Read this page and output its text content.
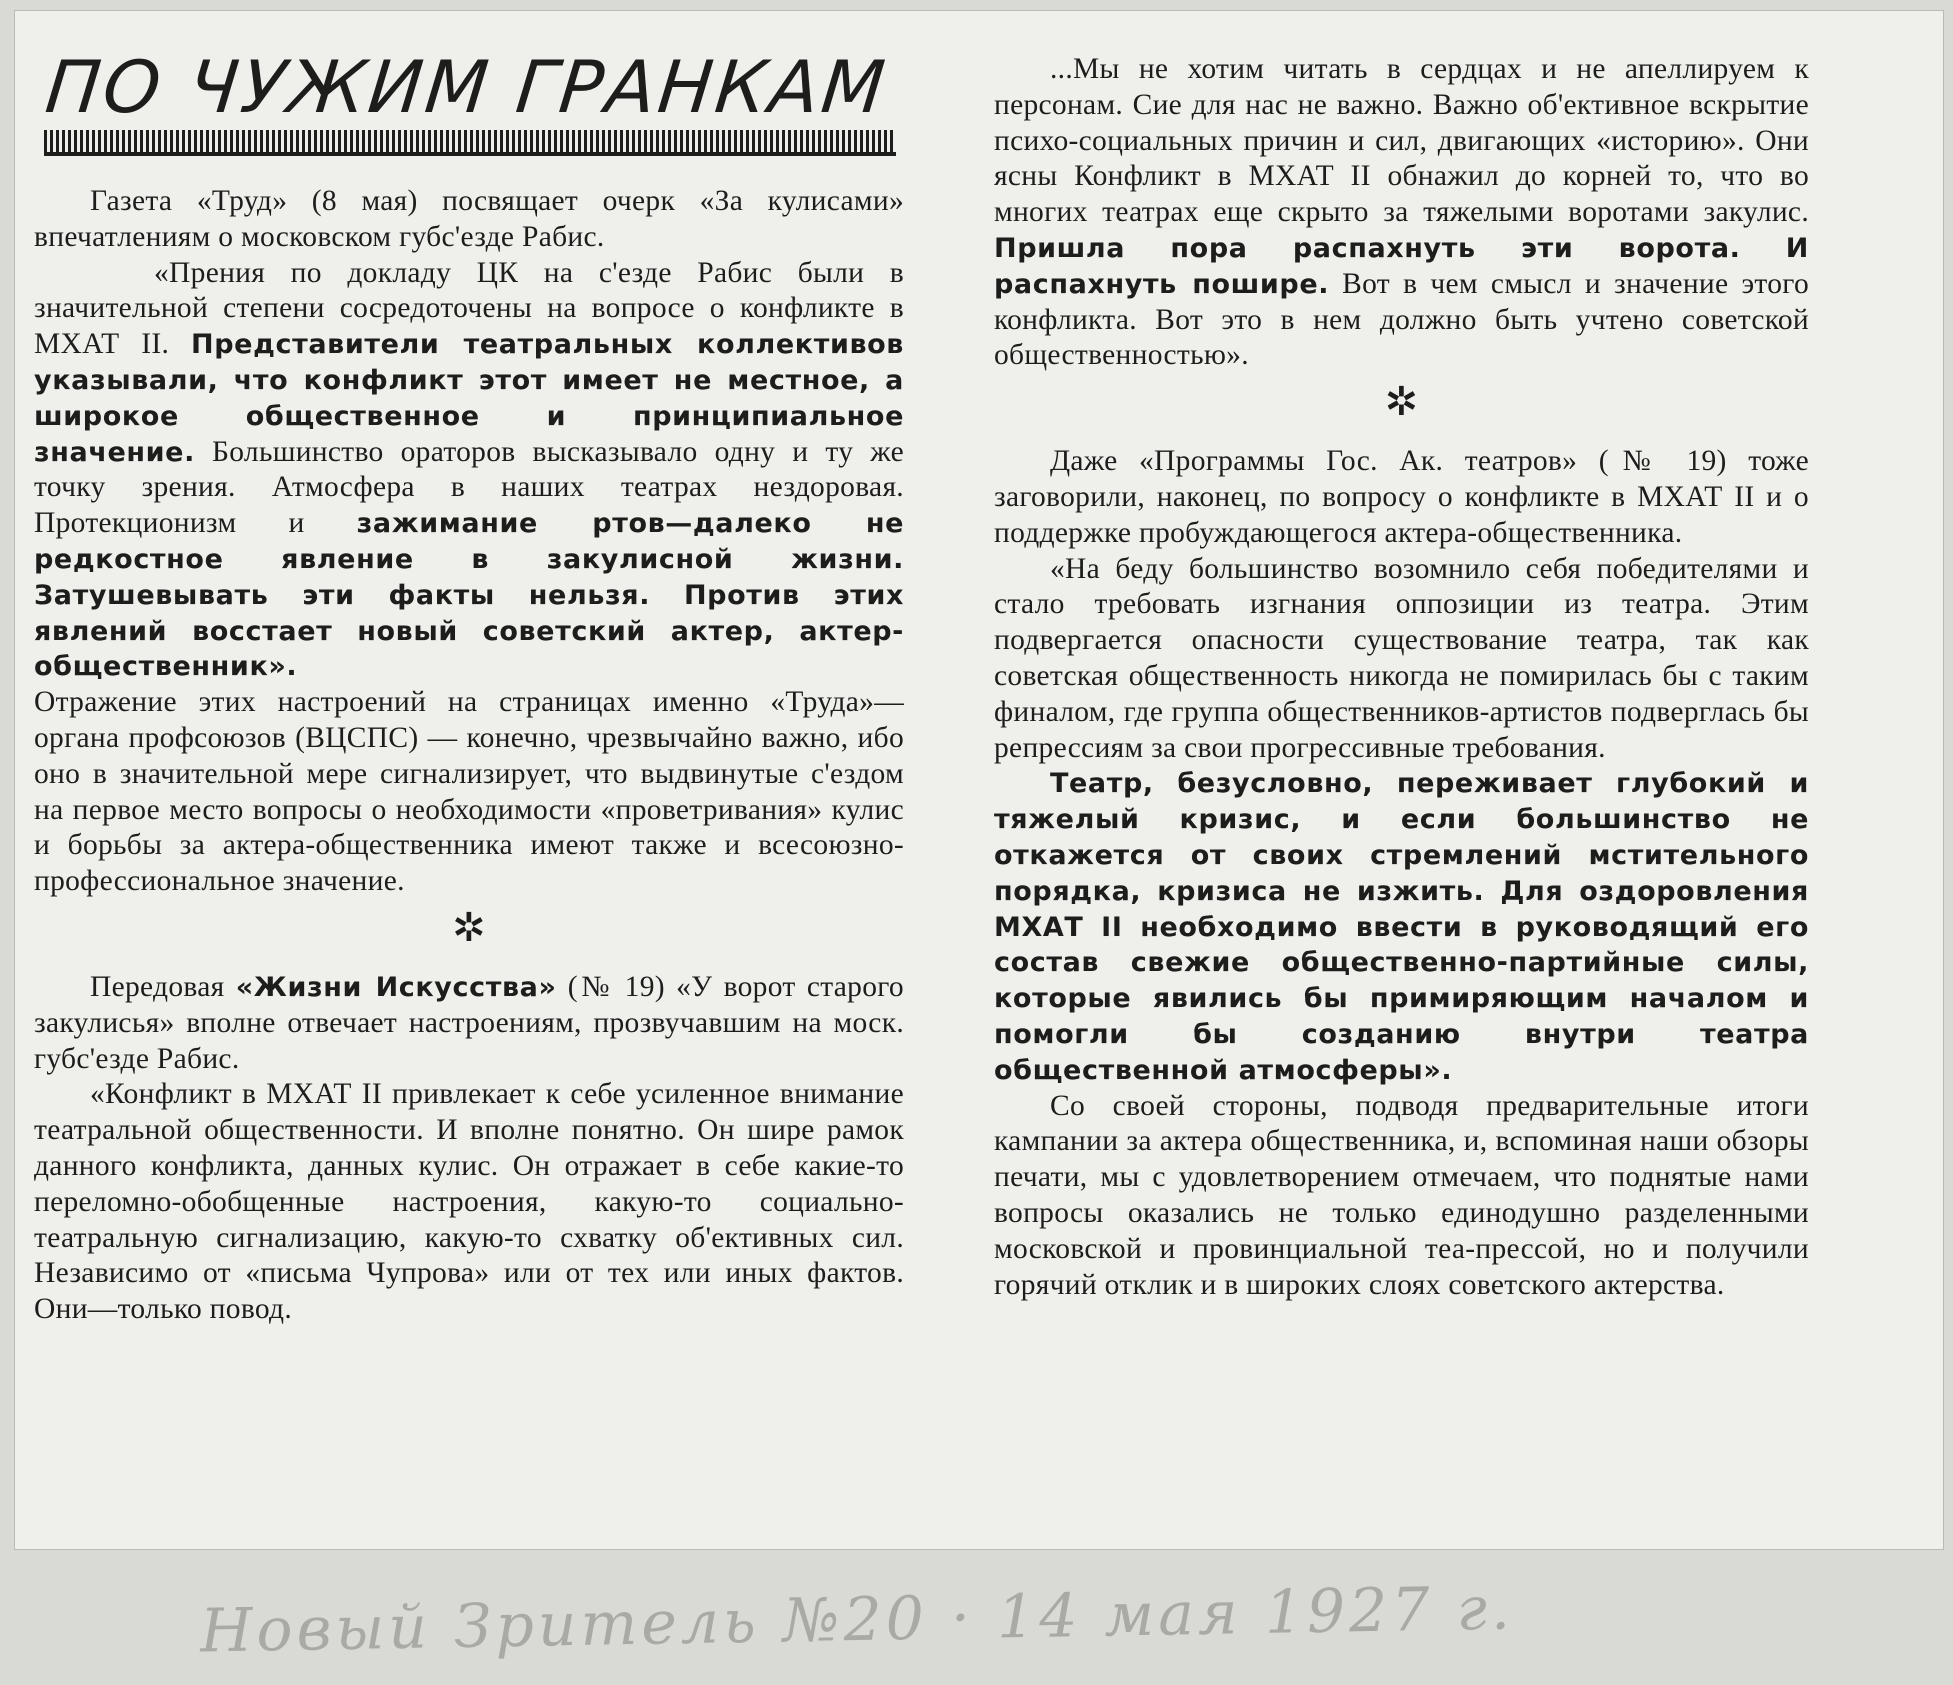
ПО ЧУЖИМ ГРАНКАМ

Газета «Труд» (8 мая) посвящает очерк «За кулисами» впечатлениям о московском губс'езде Рабис.

«Прения по докладу ЦК на с'езде Рабис были в значительной степени сосредоточены на вопросе о конфликте в МХАТ II. Представители театральных коллективов указывали, что конфликт этот имеет не местное, а широкое общественное и принципиальное значение. Большинство ораторов высказывало одну и ту же точку зрения. Атмосфера в наших театрах нездоровая. Протекционизм и зажимание ртов—далеко не редкостное явление в закулисной жизни. Затушевывать эти факты нельзя. Против этих явлений восстает новый советский актер, актер-общественник».

Отражение этих настроений на страницах именно «Труда»—органа профсоюзов (ВЦСПС) — конечно, чрезвычайно важно, ибо оно в значительной мере сигнализирует, что выдвинутые с'ездом на первое место вопросы о необходимости «проветривания» кулис и борьбы за актера-общественника имеют также и всесоюзно-профессиональное значение.

✲

Передовая «Жизни Искусства» (№ 19) «У ворот старого закулисья» вполне отвечает настроениям, прозвучавшим на моск. губс'езде Рабис.

«Конфликт в МХАТ II привлекает к себе усиленное внимание театральной общественности. И вполне понятно. Он шире рамок данного конфликта, данных кулис. Он отражает в себе какие-то переломно-обобщенные настроения, какую-то социально-театральную сигнализацию, какую-то схватку об'ективных сил. Независимо от «письма Чупрова» или от тех или иных фактов. Они—только повод.

...Мы не хотим читать в сердцах и не апеллируем к персонам. Сие для нас не важно. Важно об'ективное вскрытие психо-социальных причин и сил, двигающих «историю». Они ясны Конфликт в МХАТ II обнажил до корней то, что во многих театрах еще скрыто за тяжелыми воротами закулис. Пришла пора распахнуть эти ворота. И распахнуть пошире. Вот в чем смысл и значение этого конфликта. Вот это в нем должно быть учтено советской общественностью».

✲

Даже «Программы Гос. Ак. театров» (№ 19) тоже заговорили, наконец, по вопросу о конфликте в МХАТ II и о поддержке пробуждающегося актера-общественника.

«На беду большинство возомнило себя победителями и стало требовать изгнания оппозиции из театра. Этим подвергается опасности существование театра, так как советская общественность никогда не помирилась бы с таким финалом, где группа общественников-артистов подверглась бы репрессиям за свои прогрессивные требования.

Театр, безусловно, переживает глубокий и тяжелый кризис, и если большинство не откажется от своих стремлений мстительного порядка, кризиса не изжить. Для оздоровления МХАТ II необходимо ввести в руководящий его состав свежие общественно-партийные силы, которые явились бы примиряющим началом и помогли бы созданию внутри театра общественной атмосферы».

Со своей стороны, подводя предварительные итоги кампании за актера общественника, и, вспоминая наши обзоры печати, мы с удовлетворением отмечаем, что поднятые нами вопросы оказались не только единодушно разделенными московской и провинциальной теа-прессой, но и получили горячий отклик и в широких слоях советского актерства.

Новый Зритель №20 · 14 мая 1927 г.
